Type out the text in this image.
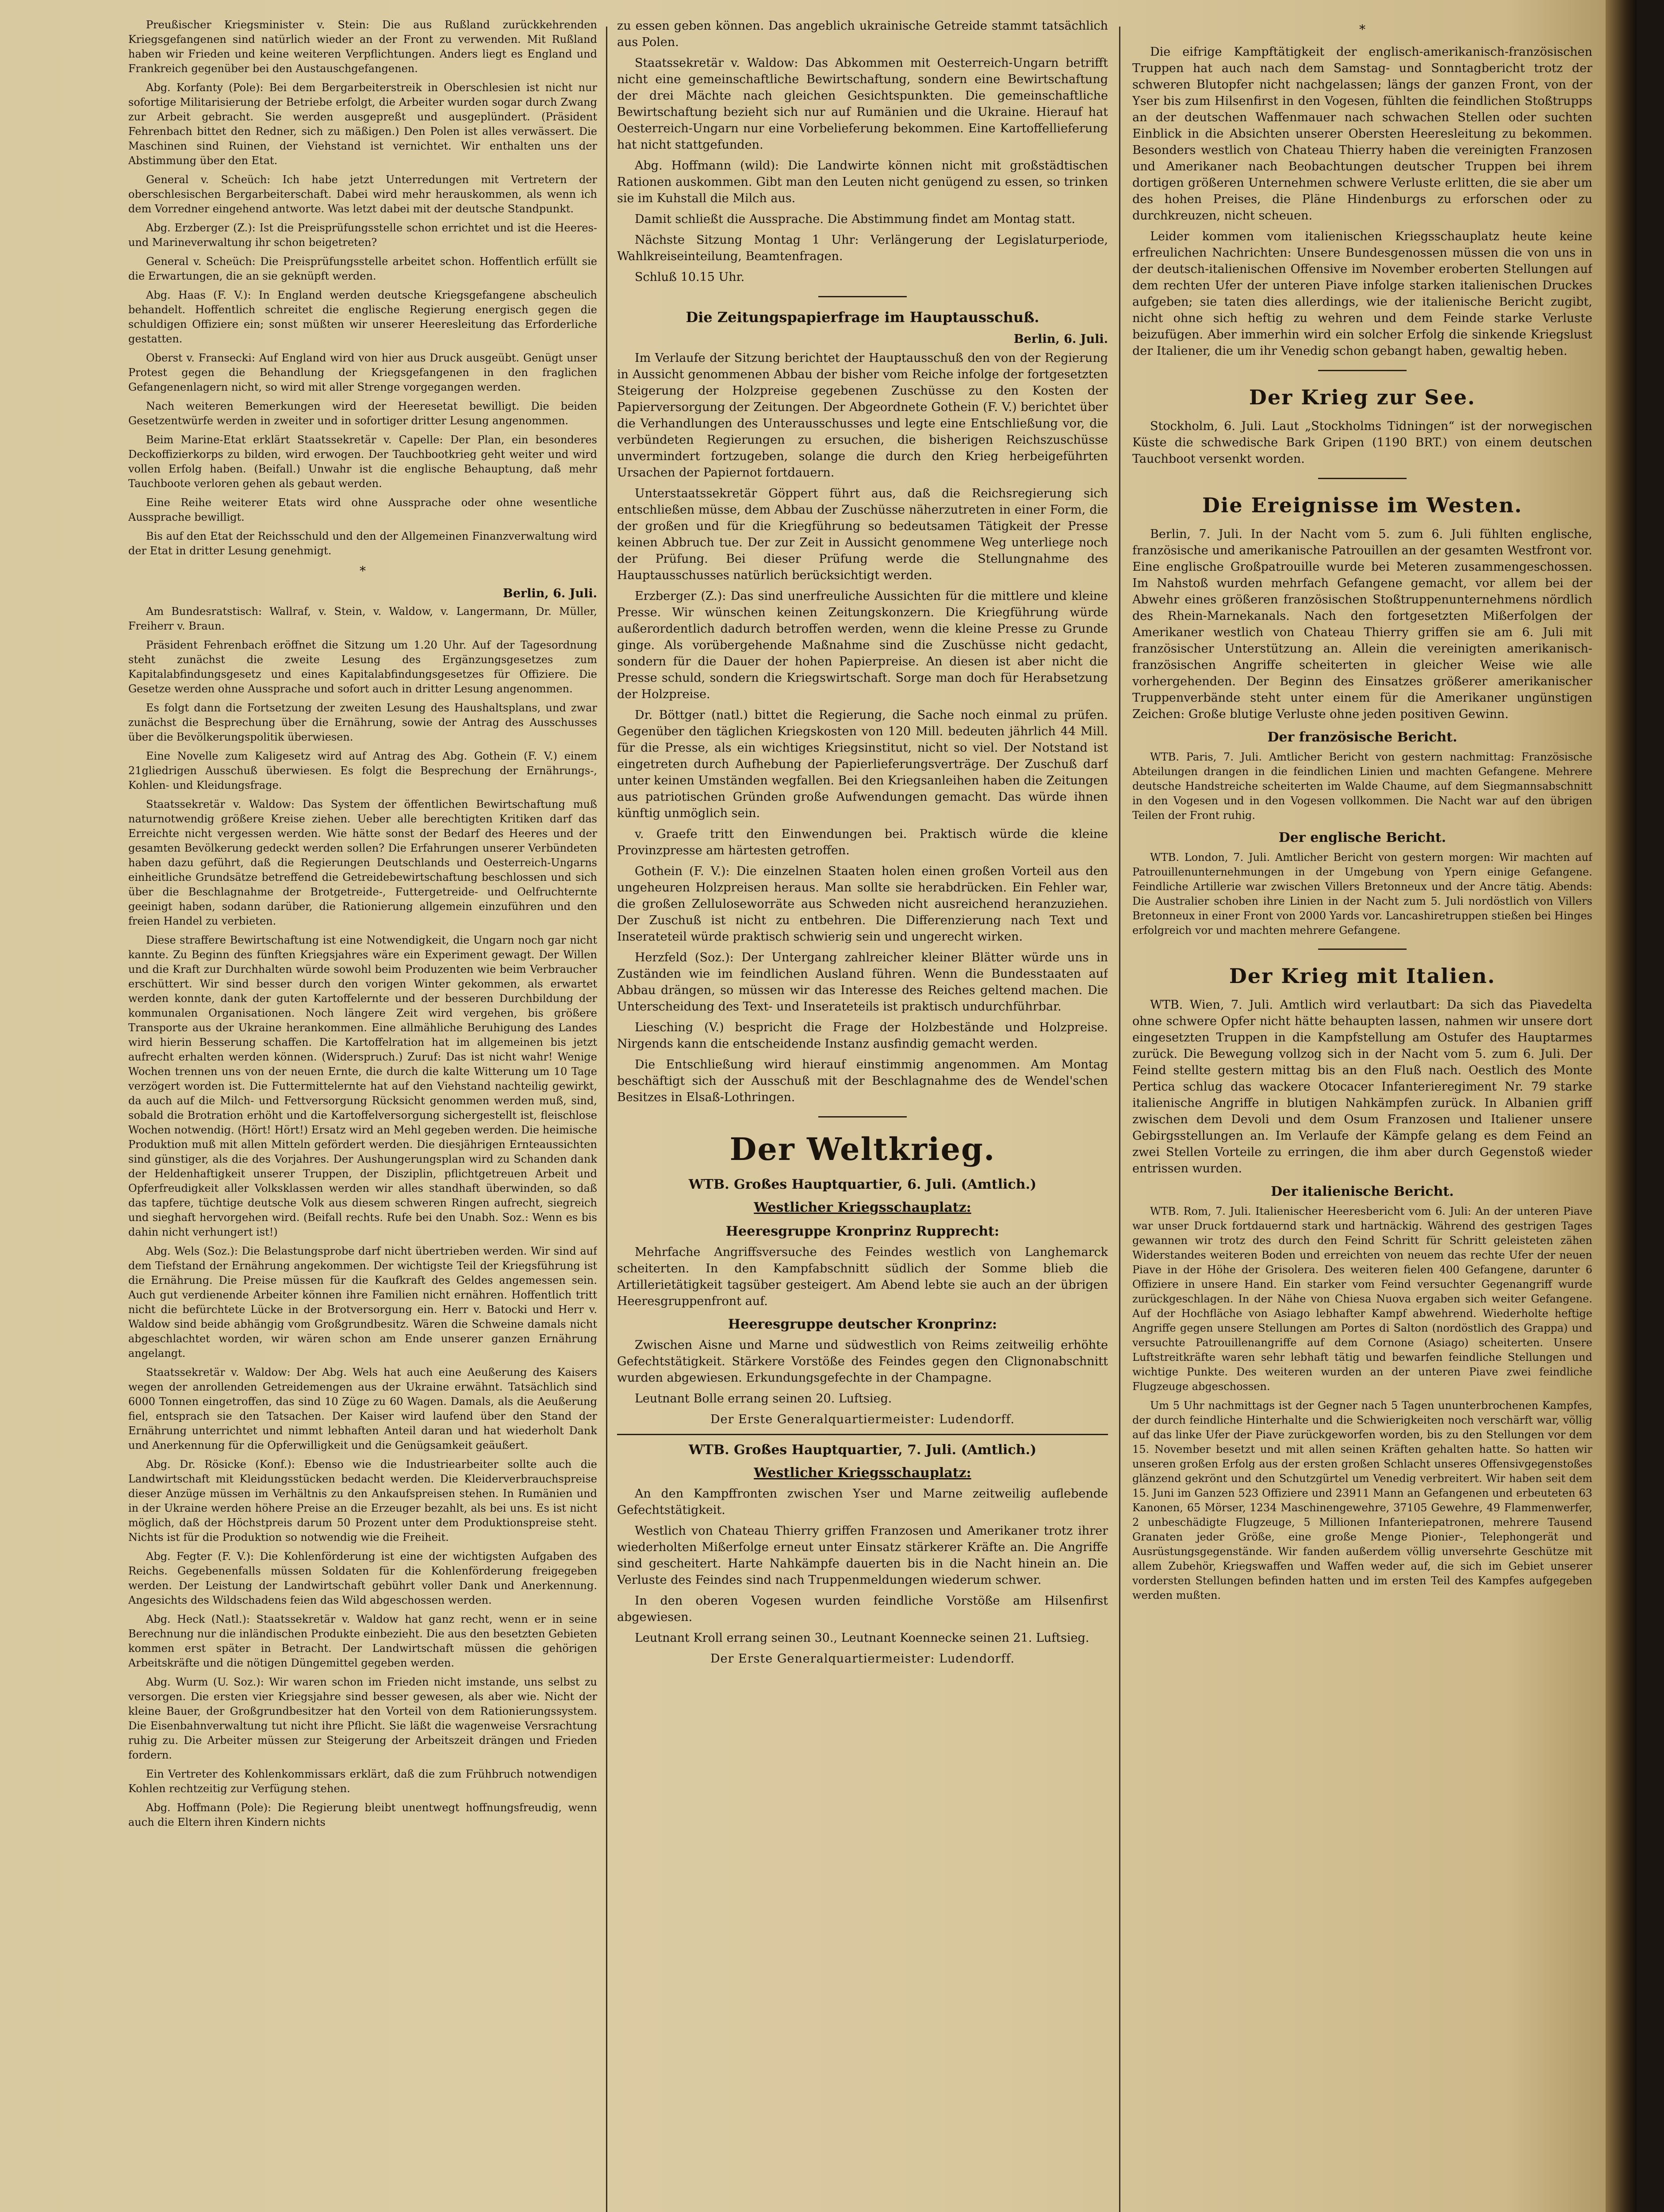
Preußischer Kriegsminister v. Stein: Die aus Rußland zurückkehrenden Kriegsgefangenen sind natürlich wieder an der Front zu verwenden. Mit Rußland haben wir Frieden und keine weiteren Verpflichtungen. Anders liegt es England und Frankreich gegenüber bei den Austauschgefangenen.

Abg. Korfanty (Pole): Bei dem Bergarbeiterstreik in Oberschlesien ist nicht nur sofortige Militarisierung der Betriebe erfolgt, die Arbeiter wurden sogar durch Zwang zur Arbeit gebracht. Sie werden ausgepreßt und ausgeplündert. (Präsident Fehrenbach bittet den Redner, sich zu mäßigen.) Den Polen ist alles verwässert. Die Maschinen sind Ruinen, der Viehstand ist vernichtet. Wir enthalten uns der Abstimmung über den Etat.

General v. Scheüch: Ich habe jetzt Unterredungen mit Vertretern der oberschlesischen Bergarbeiterschaft. Dabei wird mehr herauskommen, als wenn ich dem Vorredner eingehend antworte. Was letzt dabei mit der deutsche Standpunkt.

Abg. Erzberger (Z.): Ist die Preisprüfungsstelle schon errichtet und ist die Heeres- und Marineverwaltung ihr schon beigetreten?

General v. Scheüch: Die Preisprüfungsstelle arbeitet schon. Hoffentlich erfüllt sie die Erwartungen, die an sie geknüpft werden.

Abg. Haas (F. V.): In England werden deutsche Kriegsgefangene abscheulich behandelt. Hoffentlich schreitet die englische Regierung energisch gegen die schuldigen Offiziere ein; sonst müßten wir unserer Heeresleitung das Erforderliche gestatten.

Oberst v. Fransecki: Auf England wird von hier aus Druck ausgeübt. Genügt unser Protest gegen die Behandlung der Kriegsgefangenen in den fraglichen Gefangenenlagern nicht, so wird mit aller Strenge vorgegangen werden.

Nach weiteren Bemerkungen wird der Heeresetat bewilligt. Die beiden Gesetzentwürfe werden in zweiter und in sofortiger dritter Lesung angenommen.

Beim Marine-Etat erklärt Staatssekretär v. Capelle: Der Plan, ein besonderes Deckoffizierkorps zu bilden, wird erwogen. Der Tauchbootkrieg geht weiter und wird vollen Erfolg haben. (Beifall.) Unwahr ist die englische Behauptung, daß mehr Tauchboote verloren gehen als gebaut werden.

Eine Reihe weiterer Etats wird ohne Aussprache oder ohne wesentliche Aussprache bewilligt.

Bis auf den Etat der Reichsschuld und den der Allgemeinen Finanzverwaltung wird der Etat in dritter Lesung genehmigt.

*
Berlin, 6. Juli.

Am Bundesratstisch: Wallraf, v. Stein, v. Waldow, v. Langermann, Dr. Müller, Freiherr v. Braun.

Präsident Fehrenbach eröffnet die Sitzung um 1.20 Uhr. Auf der Tagesordnung steht zunächst die zweite Lesung des Ergänzungsgesetzes zum Kapitalabfindungsgesetz und eines Kapitalabfindungsgesetzes für Offiziere. Die Gesetze werden ohne Aussprache und sofort auch in dritter Lesung angenommen.

Es folgt dann die Fortsetzung der zweiten Lesung des Haushaltsplans, und zwar zunächst die Besprechung über die Ernährung, sowie der Antrag des Ausschusses über die Bevölkerungspolitik überwiesen.

Eine Novelle zum Kaligesetz wird auf Antrag des Abg. Gothein (F. V.) einem 21gliedrigen Ausschuß überwiesen. Es folgt die Besprechung der Ernährungs-, Kohlen- und Kleidungsfrage.

Staatssekretär v. Waldow: Das System der öffentlichen Bewirtschaftung muß naturnotwendig größere Kreise ziehen. Ueber alle berechtigten Kritiken darf das Erreichte nicht vergessen werden. Wie hätte sonst der Bedarf des Heeres und der gesamten Bevölkerung gedeckt werden sollen? Die Erfahrungen unserer Verbündeten haben dazu geführt, daß die Regierungen Deutschlands und Oesterreich-Ungarns einheitliche Grundsätze betreffend die Getreidebewirtschaftung beschlossen und sich über die Beschlagnahme der Brotgetreide-, Futtergetreide- und Oelfruchternte geeinigt haben, sodann darüber, die Rationierung allgemein einzuführen und den freien Handel zu verbieten.

Diese straffere Bewirtschaftung ist eine Notwendigkeit, die Ungarn noch gar nicht kannte. Zu Beginn des fünften Kriegsjahres wäre ein Experiment gewagt. Der Willen und die Kraft zur Durchhalten würde sowohl beim Produzenten wie beim Verbraucher erschüttert. Wir sind besser durch den vorigen Winter gekommen, als erwartet werden konnte, dank der guten Kartoffelernte und der besseren Durchbildung der kommunalen Organisationen. Noch längere Zeit wird vergehen, bis größere Transporte aus der Ukraine herankommen. Eine allmähliche Beruhigung des Landes wird hierin Besserung schaffen. Die Kartoffelration hat im allgemeinen bis jetzt aufrecht erhalten werden können. (Widerspruch.) Zuruf: Das ist nicht wahr! Wenige Wochen trennen uns von der neuen Ernte, die durch die kalte Witterung um 10 Tage verzögert worden ist. Die Futtermittelernte hat auf den Viehstand nachteilig gewirkt, da auch auf die Milch- und Fettversorgung Rücksicht genommen werden muß, sind, sobald die Brotration erhöht und die Kartoffelversorgung sichergestellt ist, fleischlose Wochen notwendig. (Hört! Hört!) Ersatz wird an Mehl gegeben werden. Die heimische Produktion muß mit allen Mitteln gefördert werden. Die diesjährigen Ernteaussichten sind günstiger, als die des Vorjahres. Der Aushungerungsplan wird zu Schanden dank der Heldenhaftigkeit unserer Truppen, der Disziplin, pflichtgetreuen Arbeit und Opferfreudigkeit aller Volksklassen werden wir alles standhaft überwinden, so daß das tapfere, tüchtige deutsche Volk aus diesem schweren Ringen aufrecht, siegreich und sieghaft hervorgehen wird. (Beifall rechts. Rufe bei den Unabh. Soz.: Wenn es bis dahin nicht verhungert ist!)

Abg. Wels (Soz.): Die Belastungsprobe darf nicht übertrieben werden. Wir sind auf dem Tiefstand der Ernährung angekommen. Der wichtigste Teil der Kriegsführung ist die Ernährung. Die Preise müssen für die Kaufkraft des Geldes angemessen sein. Auch gut verdienende Arbeiter können ihre Familien nicht ernähren. Hoffentlich tritt nicht die befürchtete Lücke in der Brotversorgung ein. Herr v. Batocki und Herr v. Waldow sind beide abhängig vom Großgrundbesitz. Wären die Schweine damals nicht abgeschlachtet worden, wir wären schon am Ende unserer ganzen Ernährung angelangt.

Staatssekretär v. Waldow: Der Abg. Wels hat auch eine Aeußerung des Kaisers wegen der anrollenden Getreidemengen aus der Ukraine erwähnt. Tatsächlich sind 6000 Tonnen eingetroffen, das sind 10 Züge zu 60 Wagen. Damals, als die Aeußerung fiel, entsprach sie den Tatsachen. Der Kaiser wird laufend über den Stand der Ernährung unterrichtet und nimmt lebhaften Anteil daran und hat wiederholt Dank und Anerkennung für die Opferwilligkeit und die Genügsamkeit geäußert.

Abg. Dr. Rösicke (Konf.): Ebenso wie die Industriearbeiter sollte auch die Landwirtschaft mit Kleidungsstücken bedacht werden. Die Kleiderverbrauchspreise dieser Anzüge müssen im Verhältnis zu den Ankaufspreisen stehen. In Rumänien und in der Ukraine werden höhere Preise an die Erzeuger bezahlt, als bei uns. Es ist nicht möglich, daß der Höchstpreis darum 50 Prozent unter dem Produktionspreise steht. Nichts ist für die Produktion so notwendig wie die Freiheit.

Abg. Fegter (F. V.): Die Kohlenförderung ist eine der wichtigsten Aufgaben des Reichs. Gegebenenfalls müssen Soldaten für die Kohlenförderung freigegeben werden. Der Leistung der Landwirtschaft gebührt voller Dank und Anerkennung. Angesichts des Wildschadens feien das Wild abgeschossen werden.

Abg. Heck (Natl.): Staatssekretär v. Waldow hat ganz recht, wenn er in seine Berechnung nur die inländischen Produkte einbezieht. Die aus den besetzten Gebieten kommen erst später in Betracht. Der Landwirtschaft müssen die gehörigen Arbeitskräfte und die nötigen Düngemittel gegeben werden.

Abg. Wurm (U. Soz.): Wir waren schon im Frieden nicht imstande, uns selbst zu versorgen. Die ersten vier Kriegsjahre sind besser gewesen, als aber wie. Nicht der kleine Bauer, der Großgrundbesitzer hat den Vorteil von dem Rationierungssystem. Die Eisenbahnverwaltung tut nicht ihre Pflicht. Sie läßt die wagenweise Versrachtung ruhig zu. Die Arbeiter müssen zur Steigerung der Arbeitszeit drängen und Frieden fordern.

Ein Vertreter des Kohlenkommissars erklärt, daß die zum Frühbruch notwendigen Kohlen rechtzeitig zur Verfügung stehen.

Abg. Hoffmann (Pole): Die Regierung bleibt unentwegt hoffnungsfreudig, wenn auch die Eltern ihren Kindern nichts

zu essen geben können. Das angeblich ukrainische Getreide stammt tatsächlich aus Polen.

Staatssekretär v. Waldow: Das Abkommen mit Oesterreich-Ungarn betrifft nicht eine gemeinschaftliche Bewirtschaftung, sondern eine Bewirtschaftung der drei Mächte nach gleichen Gesichtspunkten. Die gemeinschaftliche Bewirtschaftung bezieht sich nur auf Rumänien und die Ukraine. Hierauf hat Oesterreich-Ungarn nur eine Vorbelieferung bekommen. Eine Kartoffellieferung hat nicht stattgefunden.

Abg. Hoffmann (wild): Die Landwirte können nicht mit großstädtischen Rationen auskommen. Gibt man den Leuten nicht genügend zu essen, so trinken sie im Kuhstall die Milch aus.

Damit schließt die Aussprache. Die Abstimmung findet am Montag statt.

Nächste Sitzung Montag 1 Uhr: Verlängerung der Legislaturperiode, Wahlkreiseinteilung, Beamtenfragen.

Schluß 10.15 Uhr.

Die Zeitungspapierfrage im Hauptausschuß.
Berlin, 6. Juli.

Im Verlaufe der Sitzung berichtet der Hauptausschuß den von der Regierung in Aussicht genommenen Abbau der bisher vom Reiche infolge der fortgesetzten Steigerung der Holzpreise gegebenen Zuschüsse zu den Kosten der Papierversorgung der Zeitungen. Der Abgeordnete Gothein (F. V.) berichtet über die Verhandlungen des Unterausschusses und legte eine Entschließung vor, die verbündeten Regierungen zu ersuchen, die bisherigen Reichszuschüsse unvermindert fortzugeben, solange die durch den Krieg herbeigeführten Ursachen der Papiernot fortdauern.

Unterstaatssekretär Göppert führt aus, daß die Reichsregierung sich entschließen müsse, dem Abbau der Zuschüsse näherzutreten in einer Form, die der großen und für die Kriegführung so bedeutsamen Tätigkeit der Presse keinen Abbruch tue. Der zur Zeit in Aussicht genommene Weg unterliege noch der Prüfung. Bei dieser Prüfung werde die Stellungnahme des Hauptausschusses natürlich berücksichtigt werden.

Erzberger (Z.): Das sind unerfreuliche Aussichten für die mittlere und kleine Presse. Wir wünschen keinen Zeitungskonzern. Die Kriegführung würde außerordentlich dadurch betroffen werden, wenn die kleine Presse zu Grunde ginge. Als vorübergehende Maßnahme sind die Zuschüsse nicht gedacht, sondern für die Dauer der hohen Papierpreise. An diesen ist aber nicht die Presse schuld, sondern die Kriegswirtschaft. Sorge man doch für Herabsetzung der Holzpreise.

Dr. Böttger (natl.) bittet die Regierung, die Sache noch einmal zu prüfen. Gegenüber den täglichen Kriegskosten von 120 Mill. bedeuten jährlich 44 Mill. für die Presse, als ein wichtiges Kriegsinstitut, nicht so viel. Der Notstand ist eingetreten durch Aufhebung der Papierlieferungsverträge. Der Zuschuß darf unter keinen Umständen wegfallen. Bei den Kriegsanleihen haben die Zeitungen aus patriotischen Gründen große Aufwendungen gemacht. Das würde ihnen künftig unmöglich sein.

v. Graefe tritt den Einwendungen bei. Praktisch würde die kleine Provinzpresse am härtesten getroffen.

Gothein (F. V.): Die einzelnen Staaten holen einen großen Vorteil aus den ungeheuren Holzpreisen heraus. Man sollte sie herabdrücken. Ein Fehler war, die großen Zelluloseworräte aus Schweden nicht ausreichend heranzuziehen. Der Zuschuß ist nicht zu entbehren. Die Differenzierung nach Text und Inserateteil würde praktisch schwierig sein und ungerecht wirken.

Herzfeld (Soz.): Der Untergang zahlreicher kleiner Blätter würde uns in Zuständen wie im feindlichen Ausland führen. Wenn die Bundesstaaten auf Abbau drängen, so müssen wir das Interesse des Reiches geltend machen. Die Unterscheidung des Text- und Inserateteils ist praktisch undurchführbar.

Liesching (V.) bespricht die Frage der Holzbestände und Holzpreise. Nirgends kann die entscheidende Instanz ausfindig gemacht werden.

Die Entschließung wird hierauf einstimmig angenommen. Am Montag beschäftigt sich der Ausschuß mit der Beschlagnahme des de Wendel'schen Besitzes in Elsaß-Lothringen.

Der Weltkrieg.
WTB. Großes Hauptquartier, 6. Juli. (Amtlich.)
Westlicher Kriegsschauplatz:
Heeresgruppe Kronprinz Rupprecht:

Mehrfache Angriffsversuche des Feindes westlich von Langhemarck scheiterten. In den Kampfabschnitt südlich der Somme blieb die Artillerietätigkeit tagsüber gesteigert. Am Abend lebte sie auch an der übrigen Heeresgruppenfront auf.

Heeresgruppe deutscher Kronprinz:

Zwischen Aisne und Marne und südwestlich von Reims zeitweilig erhöhte Gefechtstätigkeit. Stärkere Vorstöße des Feindes gegen den Clignonabschnitt wurden abgewiesen. Erkundungsgefechte in der Champagne.

Leutnant Bolle errang seinen 20. Luftsieg.

Der Erste Generalquartiermeister: Ludendorff.
WTB. Großes Hauptquartier, 7. Juli. (Amtlich.)
Westlicher Kriegsschauplatz:

An den Kampffronten zwischen Yser und Marne zeitweilig auflebende Gefechtstätigkeit.

Westlich von Chateau Thierry griffen Franzosen und Amerikaner trotz ihrer wiederholten Mißerfolge erneut unter Einsatz stärkerer Kräfte an. Die Angriffe sind gescheitert. Harte Nahkämpfe dauerten bis in die Nacht hinein an. Die Verluste des Feindes sind nach Truppenmeldungen wiederum schwer.

In den oberen Vogesen wurden feindliche Vorstöße am Hilsenfirst abgewiesen.

Leutnant Kroll errang seinen 30., Leutnant Koennecke seinen 21. Luftsieg.

Der Erste Generalquartiermeister: Ludendorff.
*

Die eifrige Kampftätigkeit der englisch-amerikanisch-französischen Truppen hat auch nach dem Samstag- und Sonntagbericht trotz der schweren Blutopfer nicht nachgelassen; längs der ganzen Front, von der Yser bis zum Hilsenfirst in den Vogesen, fühlten die feindlichen Stoßtrupps an der deutschen Waffenmauer nach schwachen Stellen oder suchten Einblick in die Absichten unserer Obersten Heeresleitung zu bekommen. Besonders westlich von Chateau Thierry haben die vereinigten Franzosen und Amerikaner nach Beobachtungen deutscher Truppen bei ihrem dortigen größeren Unternehmen schwere Verluste erlitten, die sie aber um des hohen Preises, die Pläne Hindenburgs zu erforschen oder zu durchkreuzen, nicht scheuen.

Leider kommen vom italienischen Kriegsschauplatz heute keine erfreulichen Nachrichten: Unsere Bundesgenossen müssen die von uns in der deutsch-italienischen Offensive im November eroberten Stellungen auf dem rechten Ufer der unteren Piave infolge starken italienischen Druckes aufgeben; sie taten dies allerdings, wie der italienische Bericht zugibt, nicht ohne sich heftig zu wehren und dem Feinde starke Verluste beizufügen. Aber immerhin wird ein solcher Erfolg die sinkende Kriegslust der Italiener, die um ihr Venedig schon gebangt haben, gewaltig heben.

Der Krieg zur See.

Stockholm, 6. Juli. Laut „Stockholms Tidningen“ ist der norwegischen Küste die schwedische Bark Gripen (1190 BRT.) von einem deutschen Tauchboot versenkt worden.

Die Ereignisse im Westen.

Berlin, 7. Juli. In der Nacht vom 5. zum 6. Juli fühlten englische, französische und amerikanische Patrouillen an der gesamten Westfront vor. Eine englische Großpatrouille wurde bei Meteren zusammengeschossen. Im Nahstoß wurden mehrfach Gefangene gemacht, vor allem bei der Abwehr eines größeren französischen Stoßtruppenunternehmens nördlich des Rhein-Marnekanals. Nach den fortgesetzten Mißerfolgen der Amerikaner westlich von Chateau Thierry griffen sie am 6. Juli mit französischer Unterstützung an. Allein die vereinigten amerikanisch-französischen Angriffe scheiterten in gleicher Weise wie alle vorhergehenden. Der Beginn des Einsatzes größerer amerikanischer Truppenverbände steht unter einem für die Amerikaner ungünstigen Zeichen: Große blutige Verluste ohne jeden positiven Gewinn.

Der französische Bericht.

WTB. Paris, 7. Juli. Amtlicher Bericht von gestern nachmittag: Französische Abteilungen drangen in die feindlichen Linien und machten Gefangene. Mehrere deutsche Handstreiche scheiterten im Walde Chaume, auf dem Siegmannsabschnitt in den Vogesen und in den Vogesen vollkommen. Die Nacht war auf den übrigen Teilen der Front ruhig.

Der englische Bericht.

WTB. London, 7. Juli. Amtlicher Bericht von gestern morgen: Wir machten auf Patrouillenunternehmungen in der Umgebung von Ypern einige Gefangene. Feindliche Artillerie war zwischen Villers Bretonneux und der Ancre tätig. Abends: Die Australier schoben ihre Linien in der Nacht zum 5. Juli nordöstlich von Villers Bretonneux in einer Front von 2000 Yards vor. Lancashiretruppen stießen bei Hinges erfolgreich vor und machten mehrere Gefangene.

Der Krieg mit Italien.

WTB. Wien, 7. Juli. Amtlich wird verlautbart: Da sich das Piavedelta ohne schwere Opfer nicht hätte behaupten lassen, nahmen wir unsere dort eingesetzten Truppen in die Kampfstellung am Ostufer des Hauptarmes zurück. Die Bewegung vollzog sich in der Nacht vom 5. zum 6. Juli. Der Feind stellte gestern mittag bis an den Fluß nach. Oestlich des Monte Pertica schlug das wackere Otocacer Infanterieregiment Nr. 79 starke italienische Angriffe in blutigen Nahkämpfen zurück. In Albanien griff zwischen dem Devoli und dem Osum Franzosen und Italiener unsere Gebirgsstellungen an. Im Verlaufe der Kämpfe gelang es dem Feind an zwei Stellen Vorteile zu erringen, die ihm aber durch Gegenstoß wieder entrissen wurden.

Der italienische Bericht.

WTB. Rom, 7. Juli. Italienischer Heeresbericht vom 6. Juli: An der unteren Piave war unser Druck fortdauernd stark und hartnäckig. Während des gestrigen Tages gewannen wir trotz des durch den Feind Schritt für Schritt geleisteten zähen Widerstandes weiteren Boden und erreichten von neuem das rechte Ufer der neuen Piave in der Höhe der Grisolera. Des weiteren fielen 400 Gefangene, darunter 6 Offiziere in unsere Hand. Ein starker vom Feind versuchter Gegenangriff wurde zurückgeschlagen. In der Nähe von Chiesa Nuova ergaben sich weiter Gefangene. Auf der Hochfläche von Asiago lebhafter Kampf abwehrend. Wiederholte heftige Angriffe gegen unsere Stellungen am Portes di Salton (nordöstlich des Grappa) und versuchte Patrouillenangriffe auf dem Cornone (Asiago) scheiterten. Unsere Luftstreitkräfte waren sehr lebhaft tätig und bewarfen feindliche Stellungen und wichtige Punkte. Des weiteren wurden an der unteren Piave zwei feindliche Flugzeuge abgeschossen.

Um 5 Uhr nachmittags ist der Gegner nach 5 Tagen ununterbrochenen Kampfes, der durch feindliche Hinterhalte und die Schwierigkeiten noch verschärft war, völlig auf das linke Ufer der Piave zurückgeworfen worden, bis zu den Stellungen vor dem 15. November besetzt und mit allen seinen Kräften gehalten hatte. So hatten wir unseren großen Erfolg aus der ersten großen Schlacht unseres Offensivgegenstoßes glänzend gekrönt und den Schutzgürtel um Venedig verbreitert. Wir haben seit dem 15. Juni im Ganzen 523 Offiziere und 23911 Mann an Gefangenen und erbeuteten 63 Kanonen, 65 Mörser, 1234 Maschinengewehre, 37105 Gewehre, 49 Flammenwerfer, 2 unbeschädigte Flugzeuge, 5 Millionen Infanteriepatronen, mehrere Tausend Granaten jeder Größe, eine große Menge Pionier-, Telephongerät und Ausrüstungsgegenstände. Wir fanden außerdem völlig unversehrte Geschütze mit allem Zubehör, Kriegswaffen und Waffen weder auf, die sich im Gebiet unserer vordersten Stellungen befinden hatten und im ersten Teil des Kampfes aufgegeben werden mußten.
